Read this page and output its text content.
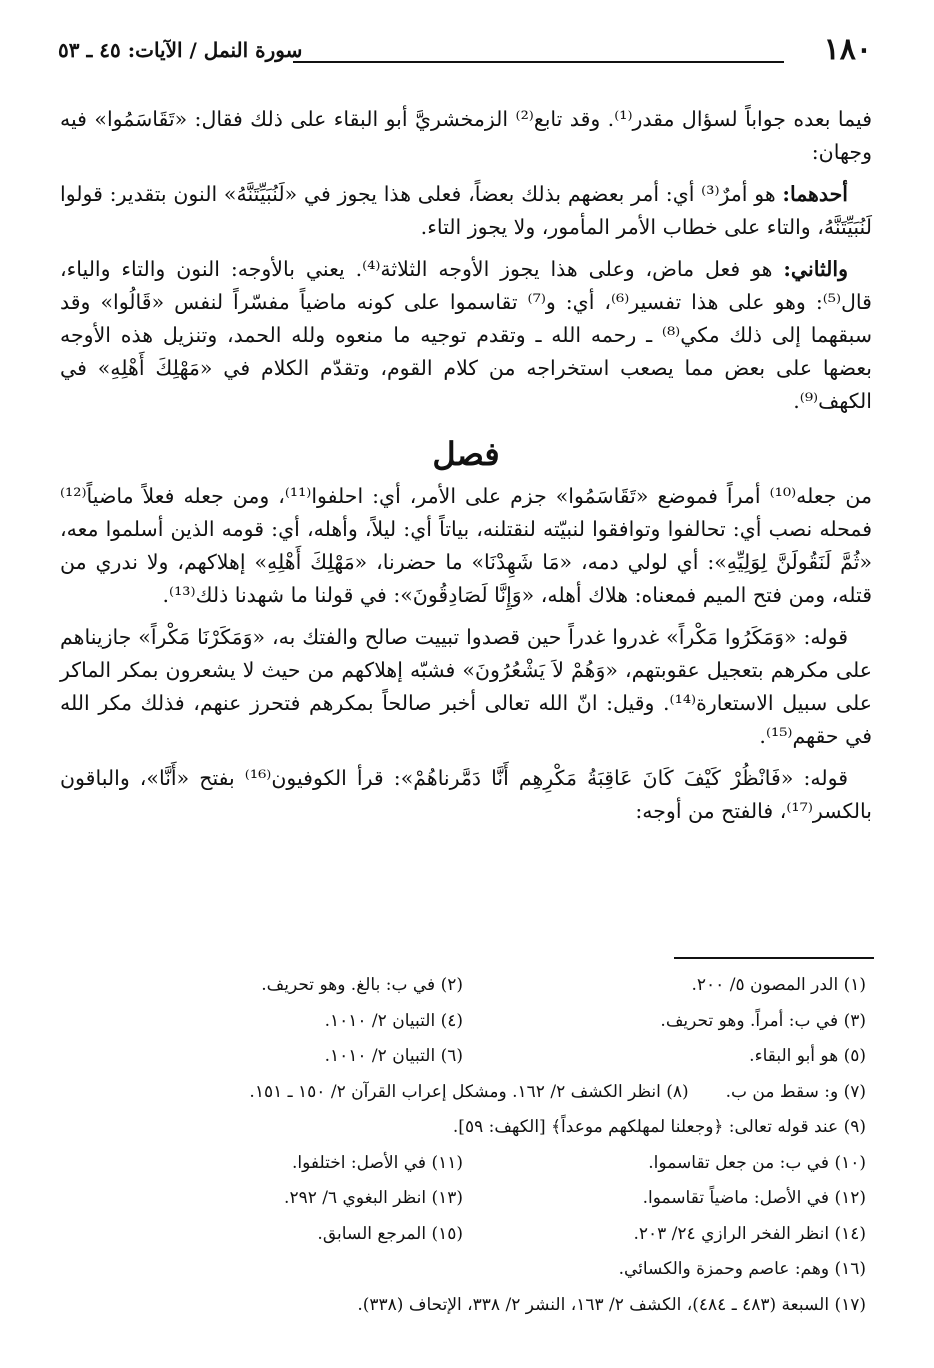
١٨٠
سورة النمل / الآيات: ٤٥ ـ ٥٣

فيما بعده جواباً لسؤال مقدر⁽¹⁾. وقد تابع⁽²⁾ الزمخشريَّ أبو البقاء على ذلك فقال: «تَقَاسَمُوا» فيه وجهان:

أحدهما: هو أمرٌ⁽³⁾ أي: أمر بعضهم بذلك بعضاً، فعلى هذا يجوز في «لَنُبَيِّتَنَّهُ» النون بتقدير: قولوا لَنُبَيِّتَنَّهُ، والتاء على خطاب الأمر المأمور، ولا يجوز التاء.

والثاني: هو فعل ماض، وعلى هذا يجوز الأوجه الثلاثة⁽⁴⁾. يعني بالأوجه: النون والتاء والياء، قال⁽⁵⁾: وهو على هذا تفسير⁽⁶⁾، أي: و⁽⁷⁾ تقاسموا على كونه ماضياً مفسّراً لنفس «قَالُوا» وقد سبقهما إلى ذلك مكي⁽⁸⁾ ـ رحمه الله ـ وتقدم توجيه ما منعوه ولله الحمد، وتنزيل هذه الأوجه بعضها على بعض مما يصعب استخراجه من كلام القوم، وتقدّم الكلام في «مَهْلِكَ أَهْلِهِ» في الكهف⁽⁹⁾.

فصل

من جعله⁽¹⁰⁾ أمراً فموضع «تَقَاسَمُوا» جزم على الأمر، أي: احلفوا⁽¹¹⁾، ومن جعله فعلاً ماضياً⁽¹²⁾ فمحله نصب أي: تحالفوا وتوافقوا لنبيّته لنقتلنه، بياتاً أي: ليلاً، وأهله، أي: قومه الذين أسلموا معه، «ثُمَّ لَنَقُولَنَّ لِوَلِيِّهِ»: أي لولي دمه، «مَا شَهِدْنَا» ما حضرنا، «مَهْلِكَ أَهْلِهِ» إهلاكهم، ولا ندري من قتله، ومن فتح الميم فمعناه: هلاك أهله، «وَإِنَّا لَصَادِقُونَ»: في قولنا ما شهدنا ذلك⁽¹³⁾.

قوله: «وَمَكَرُوا مَكْراً» غدروا غدراً حين قصدوا تبييت صالح والفتك به، «وَمَكَرْنَا مَكْراً» جازيناهم على مكرهم بتعجيل عقوبتهم، «وَهُمْ لاَ يَشْعُرُونَ» فشبّه إهلاكهم من حيث لا يشعرون بمكر الماكر على سبيل الاستعارة⁽¹⁴⁾. وقيل: انّ الله تعالى أخبر صالحاً بمكرهم فتحرز عنهم، فذلك مكر الله في حقهم⁽¹⁵⁾.

قوله: «فَانْظُرْ كَيْفَ كَانَ عَاقِبَةُ مَكْرِهِم أَنَّا دَمَّرناهُمْ»: قرأ الكوفيون⁽¹⁶⁾ بفتح «أَنَّا»، والباقون بالكسر⁽¹⁷⁾، فالفتح من أوجه:

(١) الدر المصون ٥/ ٢٠٠.
(٢) في ب: بالغ. وهو تحريف.
(٣) في ب: أمراً. وهو تحريف.
(٤) التبيان ٢/ ١٠١٠.
(٥) هو أبو البقاء.
(٦) التبيان ٢/ ١٠١٠.
(٧) و: سقط من ب.
(٨) انظر الكشف ٢/ ١٦٢. ومشكل إعراب القرآن ٢/ ١٥٠ ـ ١٥١.
(٩) عند قوله تعالى: ﴿وجعلنا لمهلكهم موعداً﴾ [الكهف: ٥٩].
(١٠) في ب: من جعل تقاسموا.
(١١) في الأصل: اختلفوا.
(١٢) في الأصل: ماضياً تقاسموا.
(١٣) انظر البغوي ٦/ ٢٩٢.
(١٤) انظر الفخر الرازي ٢٤/ ٢٠٣.
(١٥) المرجع السابق.
(١٦) وهم: عاصم وحمزة والكسائي.
(١٧) السبعة (٤٨٣ ـ ٤٨٤)، الكشف ٢/ ١٦٣، النشر ٢/ ٣٣٨، الإتحاف (٣٣٨).
